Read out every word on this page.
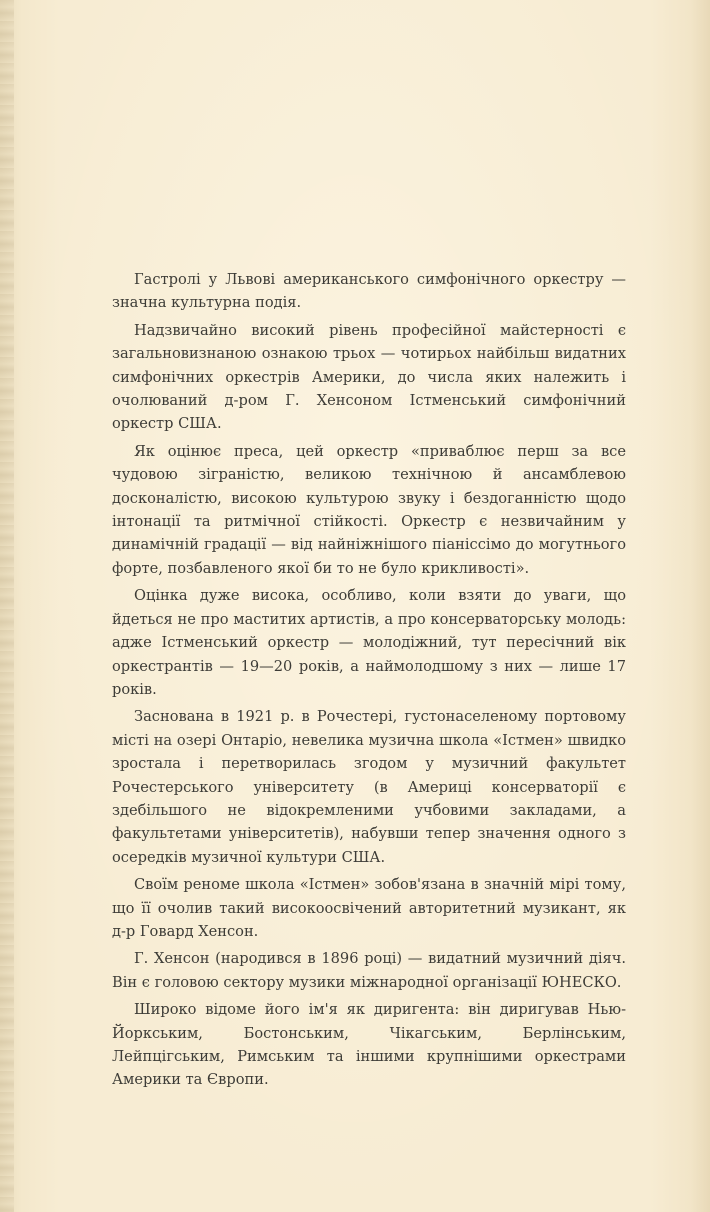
Гастролі у Львові американського симфонічного оркестру — значна культурна подія.

Надзвичайно високий рівень професійної майстерності є загальновизнаною ознакою трьох — чотирьох найбільш видатних симфонічних оркестрів Америки, до числа яких належить і очолюваний д-ром Г. Хенсоном Істменський симфонічний оркестр США.

Як оцінює преса, цей оркестр «приваблює перш за все чудовою зіграністю, великою технічною й ансамблевою досконалістю, високою культурою звуку і бездоганністю щодо інтонації та ритмічної стійкості. Оркестр є незвичайним у динамічній градації — від найніжнішого піаніссімо до могутнього форте, позбавленого якої би то не було крикливості».

Оцінка дуже висока, особливо, коли взяти до уваги, що йдеться не про маститих артистів, а про консерваторську молодь: адже Істменський оркестр — молодіжний, тут пересічний вік оркестрантів — 19—20 років, а наймолодшому з них — лише 17 років.

Заснована в 1921 р. в Рочестері, густонаселеному портовому місті на озері Онтаріо, невелика музична школа «Істмен» швидко зростала і перетворилась згодом у музичний факультет Рочестерського університету (в Америці консерваторії є здебільшого не відокремленими учбовими закладами, а факультетами університетів), набувши тепер значення одного з осередків музичної культури США.

Своїм реноме школа «Істмен» зобов'язана в значній мірі тому, що її очолив такий високоосвічений авторитетний музикант, як д-р Говард Хенсон.

Г. Хенсон (народився в 1896 році) — видатний музичний діяч. Він є головою сектору музики міжнародної організації ЮНЕСКО.

Широко відоме його ім'я як диригента: він диригував Нью-Йоркським, Бостонським, Чікагським, Берлінським, Лейпцігським, Римським та іншими крупнішими оркестрами Америки та Європи.
